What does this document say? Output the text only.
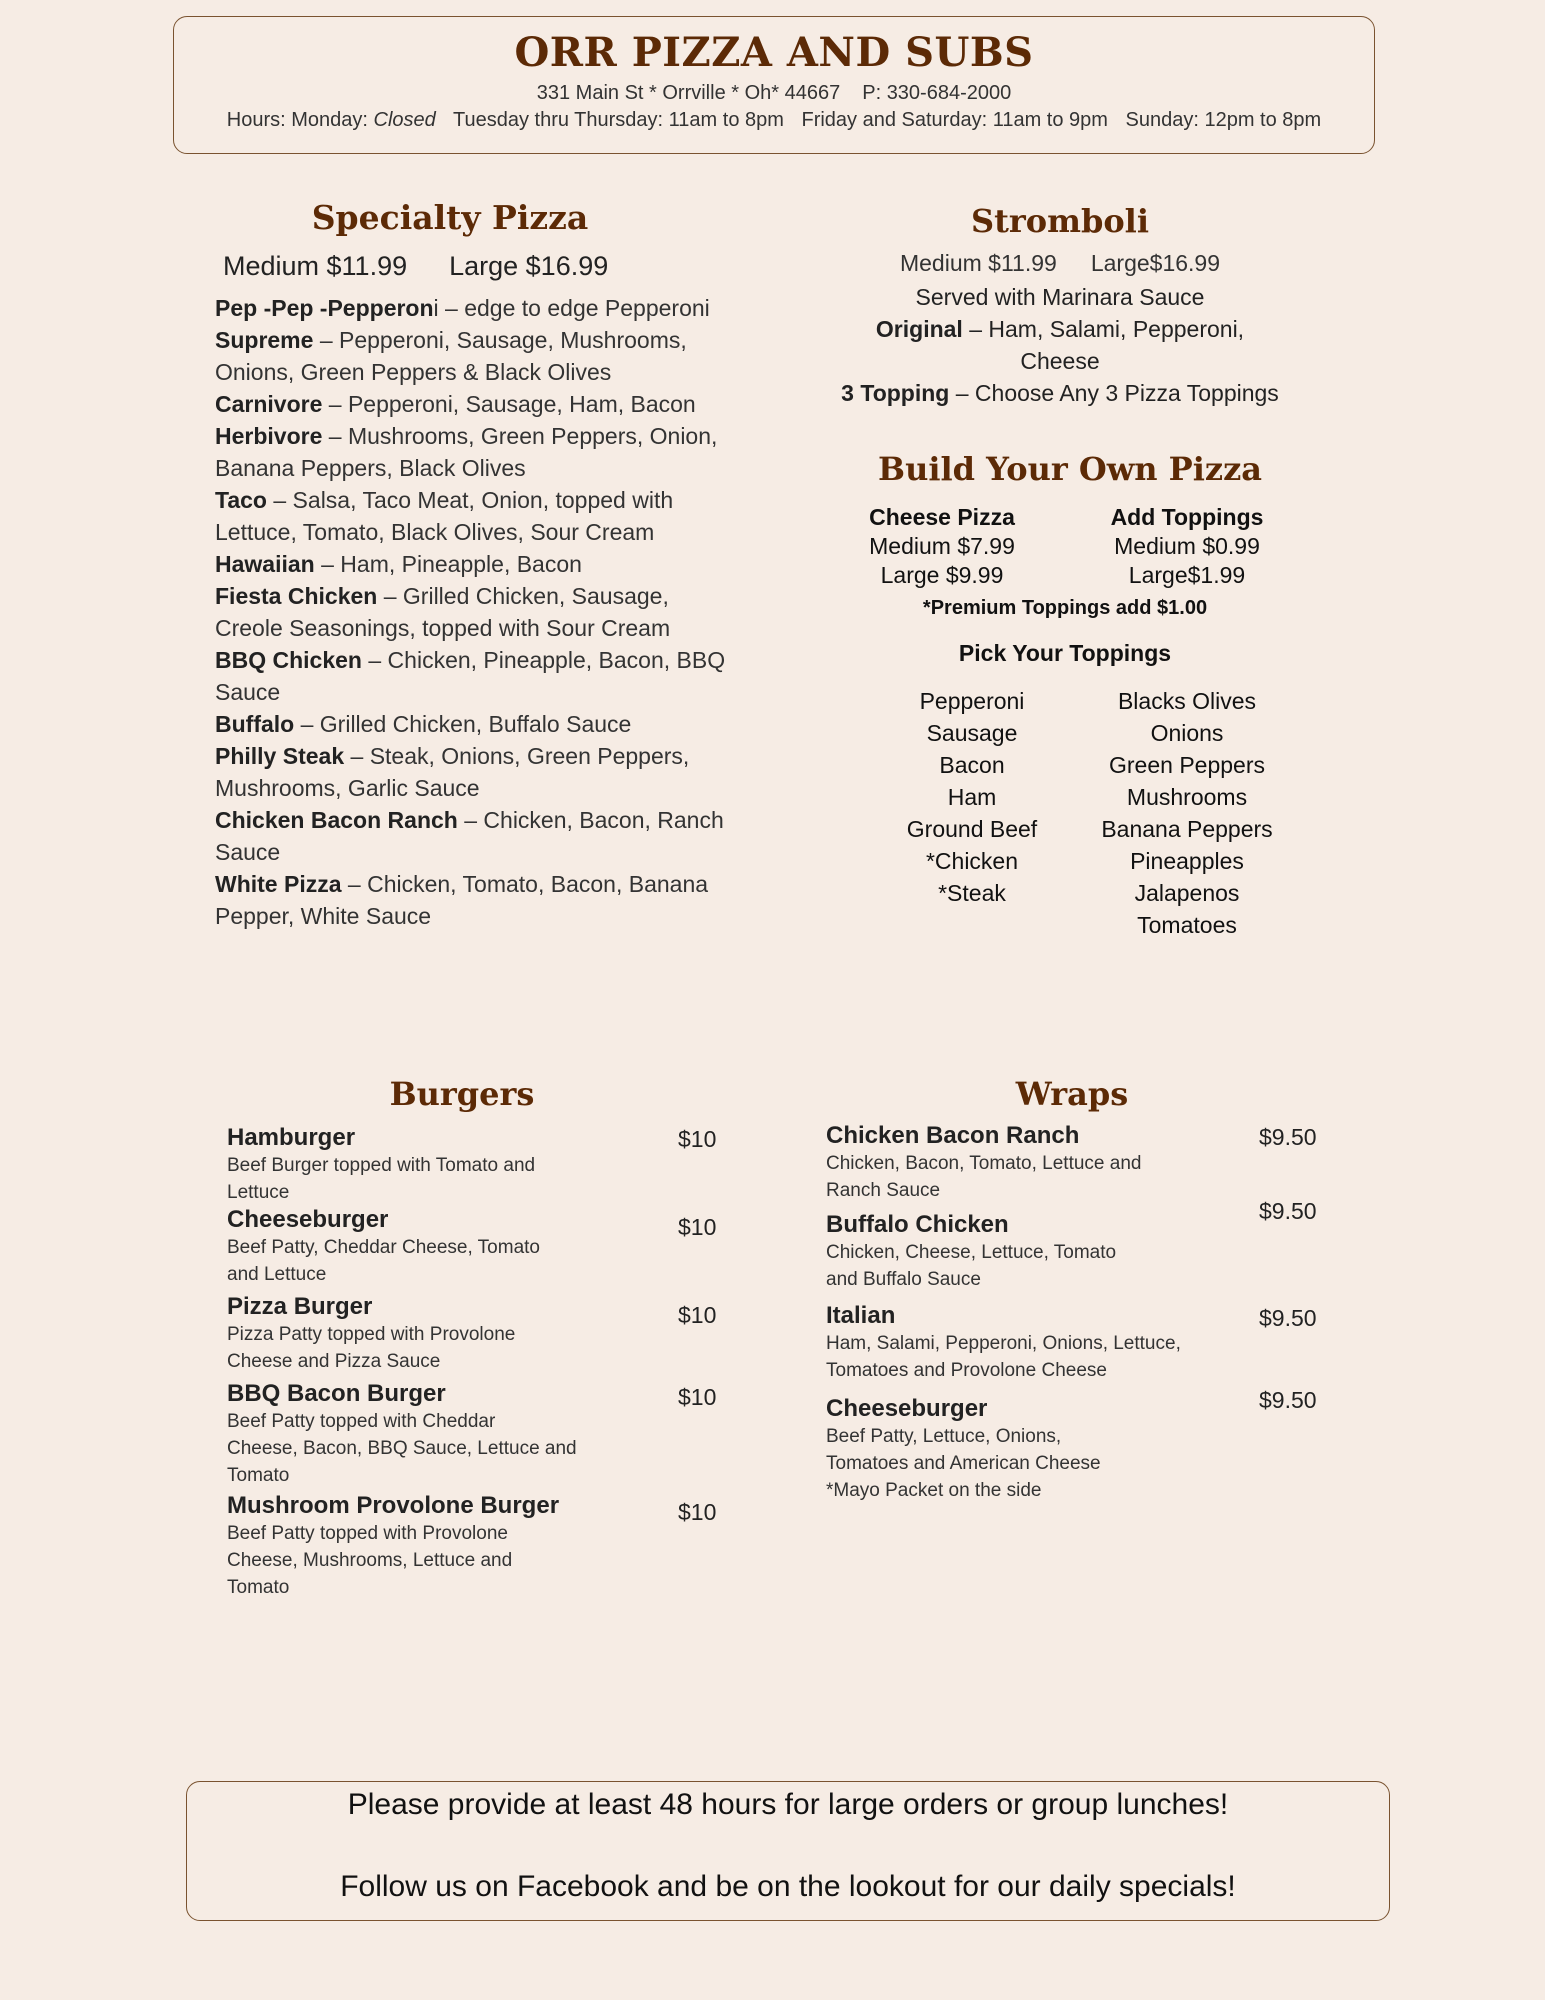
ORR PIZZA AND SUBS
331 Main St * Orrville * Oh* 44667 P: 330-684-2000
Hours: Monday: Closed Tuesday thru Thursday: 11am to 8pm Friday and Saturday: 11am to 9pm Sunday: 12pm to 8pm
Specialty Pizza
Medium $11.99 Large $16.99
Pep -Pep -Pepperoni – edge to edge Pepperoni
Supreme – Pepperoni, Sausage, Mushrooms, Onions, Green Peppers & Black Olives
Carnivore – Pepperoni, Sausage, Ham, Bacon
Herbivore – Mushrooms, Green Peppers, Onion, Banana Peppers, Black Olives
Taco – Salsa, Taco Meat, Onion, topped with Lettuce, Tomato, Black Olives, Sour Cream
Hawaiian – Ham, Pineapple, Bacon
Fiesta Chicken – Grilled Chicken, Sausage, Creole Seasonings, topped with Sour Cream
BBQ Chicken – Chicken, Pineapple, Bacon, BBQ Sauce
Buffalo – Grilled Chicken, Buffalo Sauce
Philly Steak – Steak, Onions, Green Peppers, Mushrooms, Garlic Sauce
Chicken Bacon Ranch – Chicken, Bacon, Ranch Sauce
White Pizza – Chicken, Tomato, Bacon, Banana Pepper, White Sauce
Stromboli
Medium $11.99 Large$16.99
Served with Marinara Sauce
Original – Ham, Salami, Pepperoni, Cheese
3 Topping – Choose Any 3 Pizza Toppings
Build Your Own Pizza
Cheese Pizza
Medium $7.99
Large $9.99
Add Toppings
Medium $0.99
Large$1.99
*Premium Toppings add $1.00
Pick Your Toppings
Pepperoni
Sausage
Bacon
Ham
Ground Beef
*Chicken
*Steak
Blacks Olives
Onions
Green Peppers
Mushrooms
Banana Peppers
Pineapples
Jalapenos
Tomatoes
Burgers
Hamburger
Beef Burger topped with Tomato and
Lettuce
$10
Cheeseburger
Beef Patty, Cheddar Cheese, Tomato
and Lettuce
$10
Pizza Burger
Pizza Patty topped with Provolone
Cheese and Pizza Sauce
$10
BBQ Bacon Burger
Beef Patty topped with Cheddar
Cheese, Bacon, BBQ Sauce, Lettuce and
Tomato
$10
Mushroom Provolone Burger
Beef Patty topped with Provolone
Cheese, Mushrooms, Lettuce and
Tomato
$10
Wraps
Chicken Bacon Ranch
Chicken, Bacon, Tomato, Lettuce and
Ranch Sauce
$9.50
Buffalo Chicken
Chicken, Cheese, Lettuce, Tomato
and Buffalo Sauce
$9.50
Italian
Ham, Salami, Pepperoni, Onions, Lettuce,
Tomatoes and Provolone Cheese
$9.50
Cheeseburger
Beef Patty, Lettuce, Onions,
Tomatoes and American Cheese
*Mayo Packet on the side
$9.50
Please provide at least 48 hours for large orders or group lunches!
Follow us on Facebook and be on the lookout for our daily specials!
